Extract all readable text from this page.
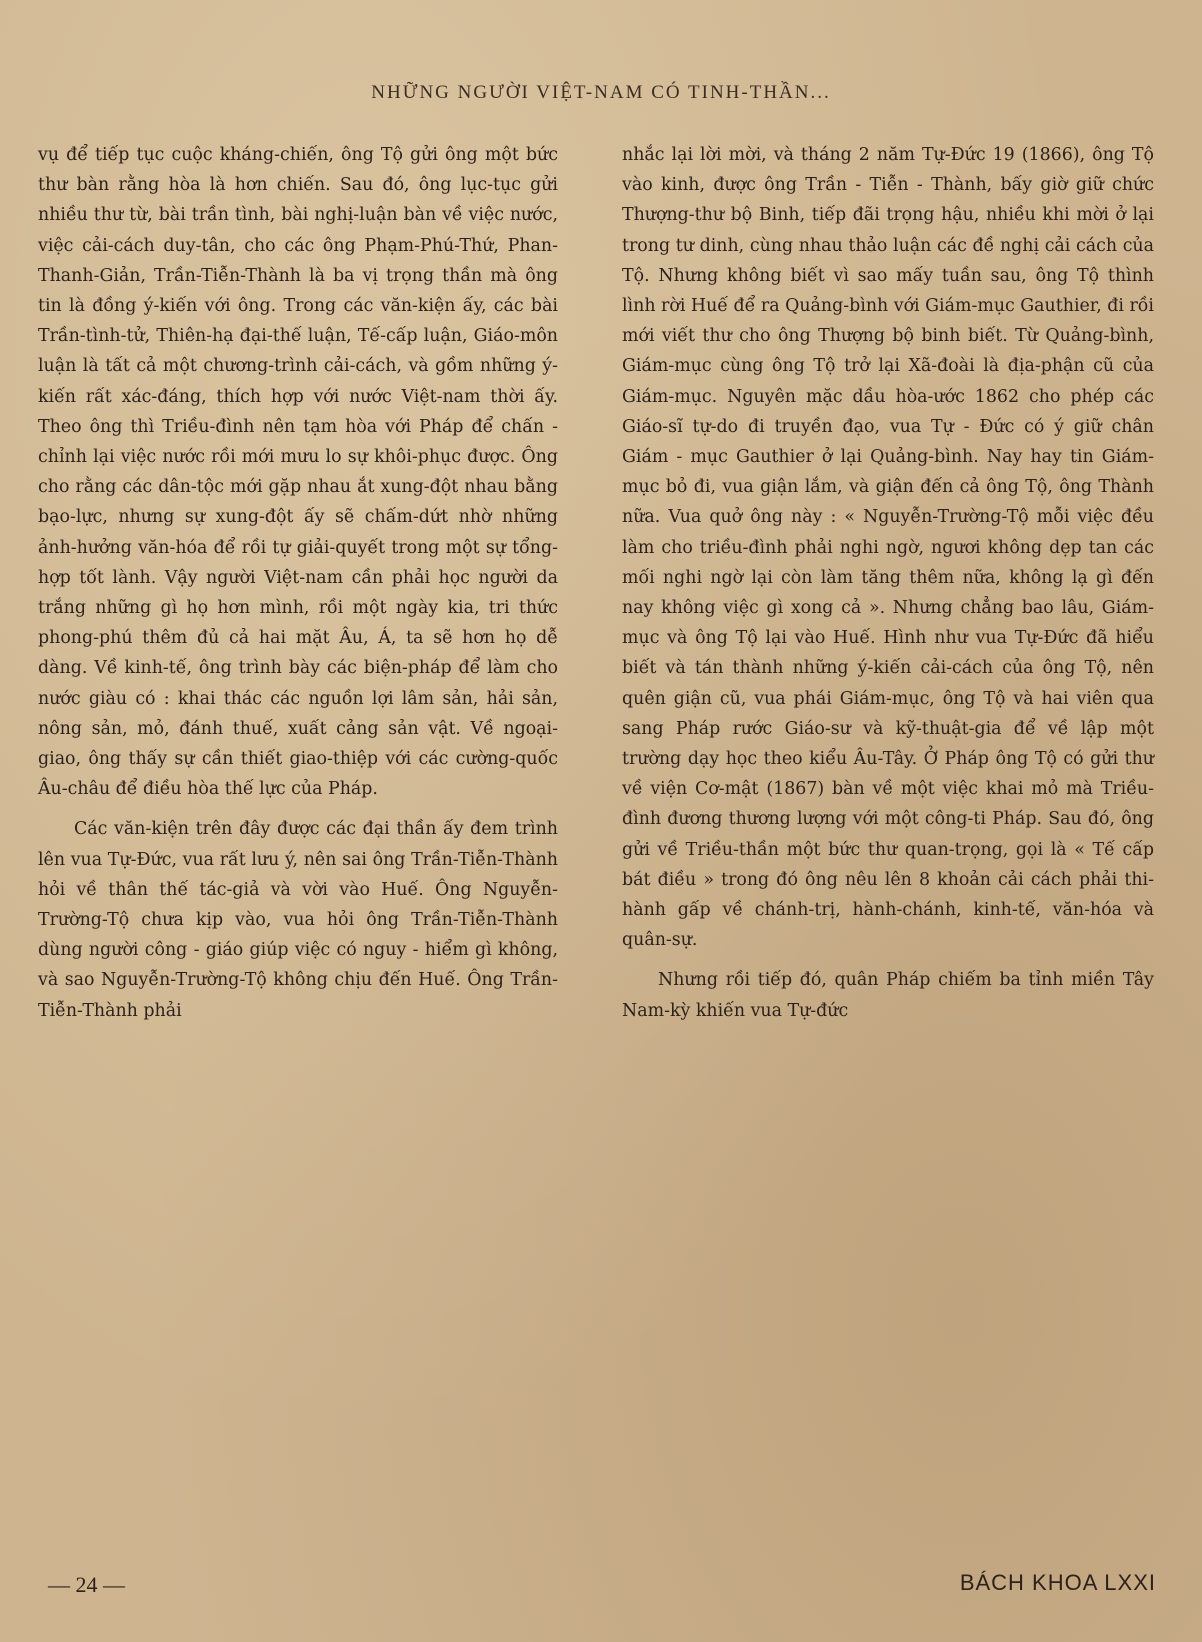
NHỮNG NGƯỜI VIỆT-NAM CÓ TINH-THẦN...

vụ để tiếp tục cuộc kháng-chiến, ông Tộ gửi ông một bức thư bàn rằng hòa là hơn chiến. Sau đó, ông lục-tục gửi nhiều thư từ, bài trần tình, bài nghị-luận bàn về việc nước, việc cải-cách duy-tân, cho các ông Phạm-Phú-Thứ, Phan-Thanh-Giản, Trần-Tiễn-Thành là ba vị trọng thần mà ông tin là đồng ý-kiến với ông. Trong các văn-kiện ấy, các bài Trần-tình-tử, Thiên-hạ đại-thế luận, Tế-cấp luận, Giáo-môn luận là tất cả một chương-trình cải-cách, và gồm những ý-kiến rất xác-đáng, thích hợp với nước Việt-nam thời ấy. Theo ông thì Triều-đình nên tạm hòa với Pháp để chấn - chỉnh lại việc nước rồi mới mưu lo sự khôi-phục được. Ông cho rằng các dân-tộc mới gặp nhau ắt xung-đột nhau bằng bạo-lực, nhưng sự xung-đột ấy sẽ chấm-dứt nhờ những ảnh-hưởng văn-hóa để rồi tự giải-quyết trong một sự tổng-hợp tốt lành. Vậy người Việt-nam cần phải học người da trắng những gì họ hơn mình, rồi một ngày kia, tri thức phong-phú thêm đủ cả hai mặt Âu, Á, ta sẽ hơn họ dễ dàng. Về kinh-tế, ông trình bày các biện-pháp để làm cho nước giàu có : khai thác các nguồn lợi lâm sản, hải sản, nông sản, mỏ, đánh thuế, xuất cảng sản vật. Về ngoại-giao, ông thấy sự cần thiết giao-thiệp với các cường-quốc Âu-châu để điều hòa thế lực của Pháp.

Các văn-kiện trên đây được các đại thần ấy đem trình lên vua Tự-Đức, vua rất lưu ý, nên sai ông Trần-Tiễn-Thành hỏi về thân thế tác-giả và vời vào Huế. Ông Nguyễn-Trường-Tộ chưa kịp vào, vua hỏi ông Trần-Tiễn-Thành dùng người công - giáo giúp việc có nguy - hiểm gì không, và sao Nguyễn-Trường-Tộ không chịu đến Huế. Ông Trần-Tiễn-Thành phải

nhắc lại lời mời, và tháng 2 năm Tự-Đức 19 (1866), ông Tộ vào kinh, được ông Trần - Tiễn - Thành, bấy giờ giữ chức Thượng-thư bộ Binh, tiếp đãi trọng hậu, nhiều khi mời ở lại trong tư dinh, cùng nhau thảo luận các đề nghị cải cách của Tộ. Nhưng không biết vì sao mấy tuần sau, ông Tộ thình lình rời Huế để ra Quảng-bình với Giám-mục Gauthier, đi rồi mới viết thư cho ông Thượng bộ binh biết. Từ Quảng-bình, Giám-mục cùng ông Tộ trở lại Xã-đoài là địa-phận cũ của Giám-mục. Nguyên mặc dầu hòa-ước 1862 cho phép các Giáo-sĩ tự-do đi truyền đạo, vua Tự - Đức có ý giữ chân Giám - mục Gauthier ở lại Quảng-bình. Nay hay tin Giám-mục bỏ đi, vua giận lắm, và giận đến cả ông Tộ, ông Thành nữa. Vua quở ông này : « Nguyễn-Trường-Tộ mỗi việc đều làm cho triều-đình phải nghi ngờ, ngươi không dẹp tan các mối nghi ngờ lại còn làm tăng thêm nữa, không lạ gì đến nay không việc gì xong cả ». Nhưng chẳng bao lâu, Giám-mục và ông Tộ lại vào Huế. Hình như vua Tự-Đức đã hiểu biết và tán thành những ý-kiến cải-cách của ông Tộ, nên quên giận cũ, vua phái Giám-mục, ông Tộ và hai viên qua sang Pháp rước Giáo-sư và kỹ-thuật-gia để về lập một trường dạy học theo kiểu Âu-Tây. Ở Pháp ông Tộ có gửi thư về viện Cơ-mật (1867) bàn về một việc khai mỏ mà Triều-đình đương thương lượng với một công-ti Pháp. Sau đó, ông gửi về Triều-thần một bức thư quan-trọng, gọi là « Tế cấp bát điều » trong đó ông nêu lên 8 khoản cải cách phải thi-hành gấp về chánh-trị, hành-chánh, kinh-tế, văn-hóa và quân-sự.

Nhưng rồi tiếp đó, quân Pháp chiếm ba tỉnh miền Tây Nam-kỳ khiến vua Tự-đức

— 24 —	BÁCH KHOA LXXI
